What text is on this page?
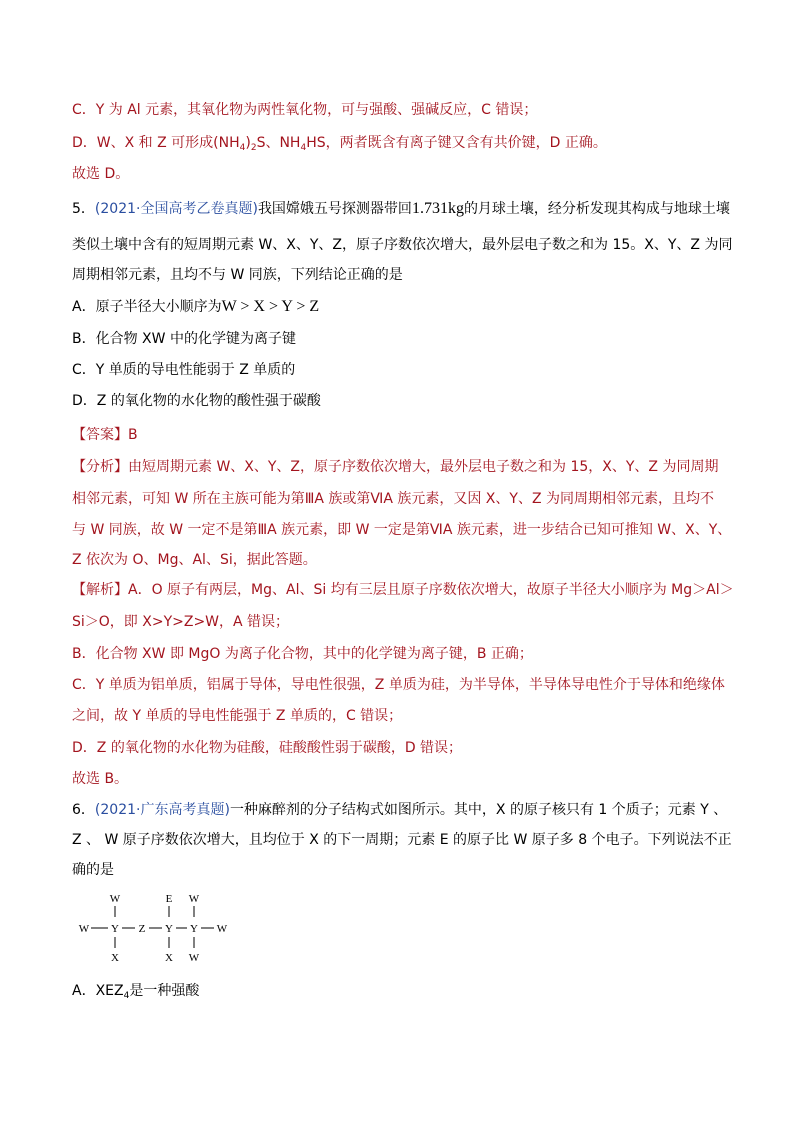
C．Y 为 Al 元素，其氧化物为两性氧化物，可与强酸、强碱反应，C 错误；
D．W、X 和 Z 可形成$(NH_4)_2S$、$NH_4HS$，两者既含有离子键又含有共价键，D 正确。
故选 D。
5．(2021·全国高考乙卷真题)我国嫦娥五号探测器带回1.731kg的月球土壤，经分析发现其构成与地球土壤
类似土壤中含有的短周期元素 W、X、Y、Z，原子序数依次增大，最外层电子数之和为 15。X、Y、Z 为同
周期相邻元素，且均不与 W 同族，下列结论正确的是
A．原子半径大小顺序为W > X > Y > Z
B．化合物 XW 中的化学键为离子键
C．Y 单质的导电性能弱于 Z 单质的
D．Z 的氧化物的水化物的酸性强于碳酸
【答案】B
【分析】由短周期元素 W、X、Y、Z，原子序数依次增大，最外层电子数之和为 15，X、Y、Z 为同周期
相邻元素，可知 W 所在主族可能为第ⅢA 族或第ⅥA 族元素，又因 X、Y、Z 为同周期相邻元素，且均不
与 W 同族，故 W 一定不是第ⅢA 族元素，即 W 一定是第ⅥA 族元素，进一步结合已知可推知 W、X、Y、
Z 依次为 O、Mg、Al、Si，据此答题。
【解析】A．O 原子有两层，Mg、Al、Si 均有三层且原子序数依次增大，故原子半径大小顺序为 Mg＞Al＞
Si＞O，即 X>Y>Z>W，A 错误；
B．化合物 XW 即 MgO 为离子化合物，其中的化学键为离子键，B 正确；
C．Y 单质为铝单质，铝属于导体，导电性很强，Z 单质为硅，为半导体，半导体导电性介于导体和绝缘体
之间，故 Y 单质的导电性能强于 Z 单质的，C 错误；
D．Z 的氧化物的水化物为硅酸，硅酸酸性弱于碳酸，D 错误；
故选 B。
6．(2021·广东高考真题)一种麻醉剂的分子结构式如图所示。其中，X 的原子核只有 1 个质子；元素 Y 、
Z 、 W 原子序数依次增大，且均位于 X 的下一周期；元素 E 的原子比 W 原子多 8 个电子。下列说法不正
确的是
W	E W
W Y Z Y Y W
X	X W
A．$XEZ_4$是一种强酸
